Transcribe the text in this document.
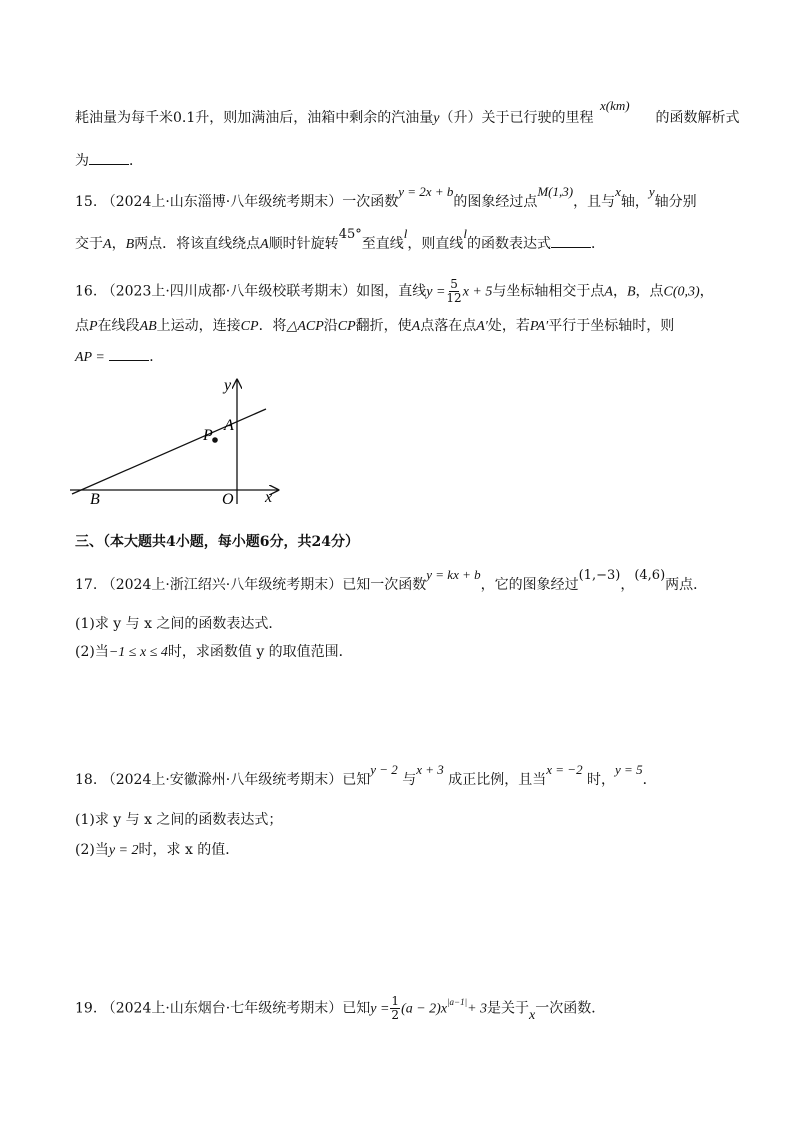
x(km)
耗油量为每千米0.1升，则加满油后，油箱中剩余的汽油量y（升）关于已行驶的里程	的函数解析式
为	．
15. （2024上·山东淄博·八年级统考期末）一次函数y = 2x + b的图象经过点M(1,3)，且与x轴，y轴分别
交于A，B两点．将该直线绕点A顺时针旋转45°至直线l，则直线l的函数表达式	．
16. （2023上·四川成都·八年级校联考期末）如图，直线$y = \frac{5}{12}$ x + 5与坐标轴相交于点A，B，点C(0,3)，
点P在线段AB上运动，连接CP．将△ACP沿CP翻折，使A点落在点A′处，若PA′平行于坐标轴时，则
AP =	．
y
A
P
B	O x
三、（本大题共4小题，每小题6分，共24分）
17. （2024上·浙江绍兴·八年级统考期末）已知一次函数y = kx + b，它的图象经过(1,−3)，(4,6)两点．
(1)求 y 与 x 之间的函数表达式．
(2)当−1 ≤ x ≤ 4时，求函数值 y 的取值范围．
18. （2024上·安徽滁州·八年级统考期末）已知y − 2 与x + 3 成正比例，且当x = −2 时，y = 5．
(1)求 y 与 x 之间的函数表达式；
(2)当y = 2时，求 x 的值．
19. （2024上·山东烟台·七年级统考期末）已知$y = \frac{1}{2} (a - 2)x^{|a-1|}+ 3$是关于x一次函数．
